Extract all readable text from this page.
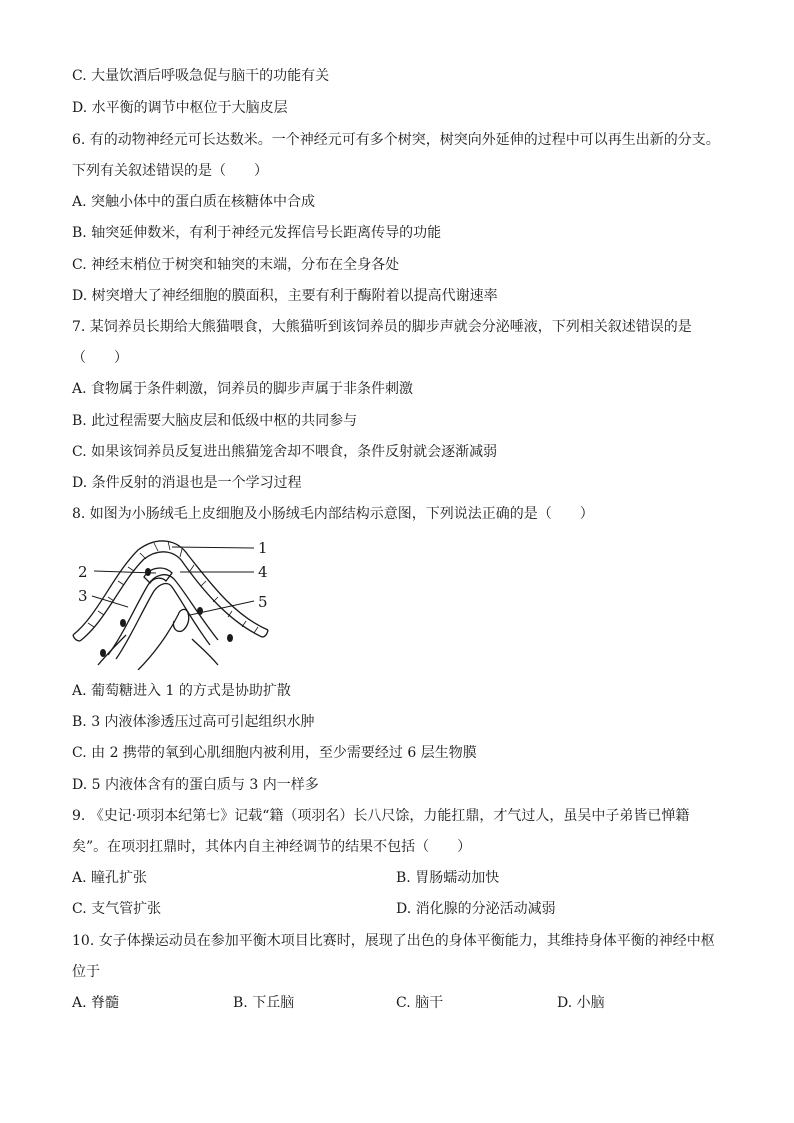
C. 大量饮酒后呼吸急促与脑干的功能有关
D. 水平衡的调节中枢位于大脑皮层
6. 有的动物神经元可长达数米。一个神经元可有多个树突，树突向外延伸的过程中可以再生出新的分支。
下列有关叙述错误的是（　　）
A. 突触小体中的蛋白质在核糖体中合成
B. 轴突延伸数米，有利于神经元发挥信号长距离传导的功能
C. 神经末梢位于树突和轴突的末端，分布在全身各处
D. 树突增大了神经细胞的膜面积，主要有利于酶附着以提高代谢速率
7. 某饲养员长期给大熊猫喂食，大熊猫听到该饲养员的脚步声就会分泌唾液，下列相关叙述错误的是
（　　）
A. 食物属于条件刺激，饲养员的脚步声属于非条件刺激
B. 此过程需要大脑皮层和低级中枢的共同参与
C. 如果该饲养员反复进出熊猫笼舍却不喂食，条件反射就会逐渐减弱
D. 条件反射的消退也是一个学习过程
8. 如图为小肠绒毛上皮细胞及小肠绒毛内部结构示意图，下列说法正确的是（　　）
1
2
3
4
5
A. 葡萄糖进入 1 的方式是协助扩散
B. 3 内液体渗透压过高可引起组织水肿
C. 由 2 携带的氧到心肌细胞内被利用，至少需要经过 6 层生物膜
D. 5 内液体含有的蛋白质与 3 内一样多
9. 《史记·项羽本纪第七》记载“籍（项羽名）长八尺馀，力能扛鼎，才气过人，虽吴中子弟皆已惮籍
矣”。在项羽扛鼎时，其体内自主神经调节的结果不包括（　　）
A. 瞳孔扩张	B. 胃肠蠕动加快
C. 支气管扩张	D. 消化腺的分泌活动减弱
10. 女子体操运动员在参加平衡木项目比赛时，展现了出色的身体平衡能力，其维持身体平衡的神经中枢
位于
A. 脊髓	B. 下丘脑	C. 脑干	D. 小脑
